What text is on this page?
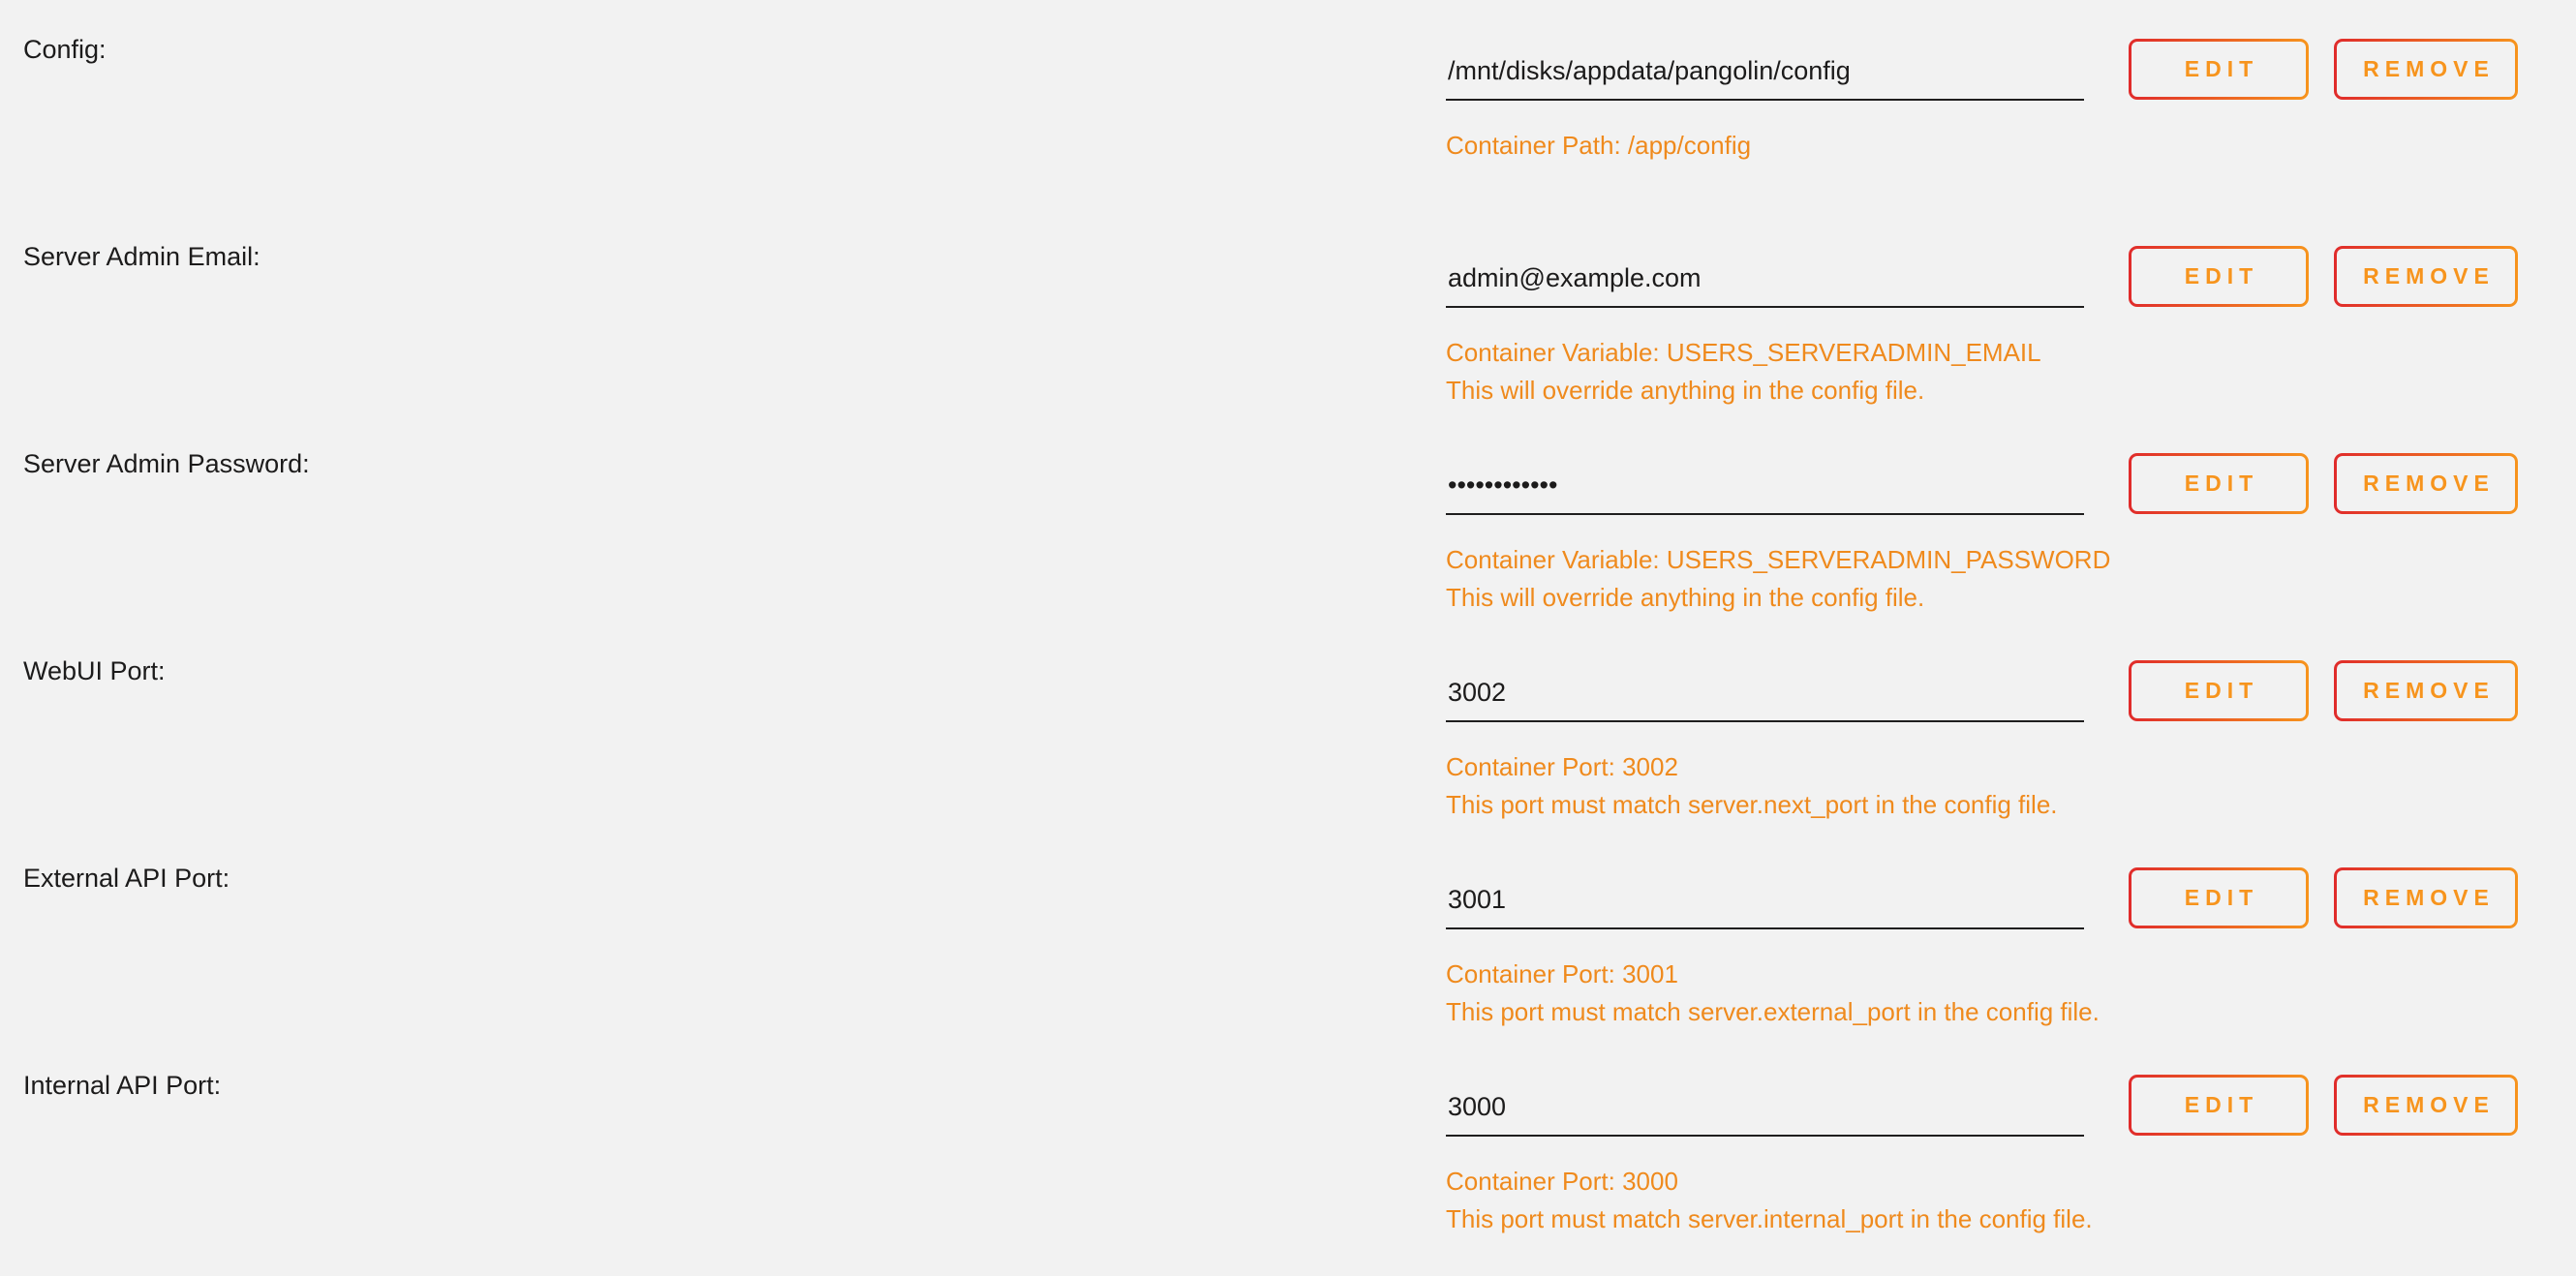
Config:
/mnt/disks/appdata/pangolin/config
Container Path: /app/config
EDIT	REMOVE
Server Admin Email:
admin@example.com
Container Variable: USERS_SERVERADMIN_EMAIL
This will override anything in the config file.
EDIT	REMOVE
Server Admin Password:
••••••••••••
Container Variable: USERS_SERVERADMIN_PASSWORD
This will override anything in the config file.
EDIT	REMOVE
WebUI Port:
3002
Container Port: 3002
This port must match server.next_port in the config file.
EDIT	REMOVE
External API Port:
3001
Container Port: 3001
This port must match server.external_port in the config file.
EDIT	REMOVE
Internal API Port:
3000
Container Port: 3000
This port must match server.internal_port in the config file.
EDIT	REMOVE
